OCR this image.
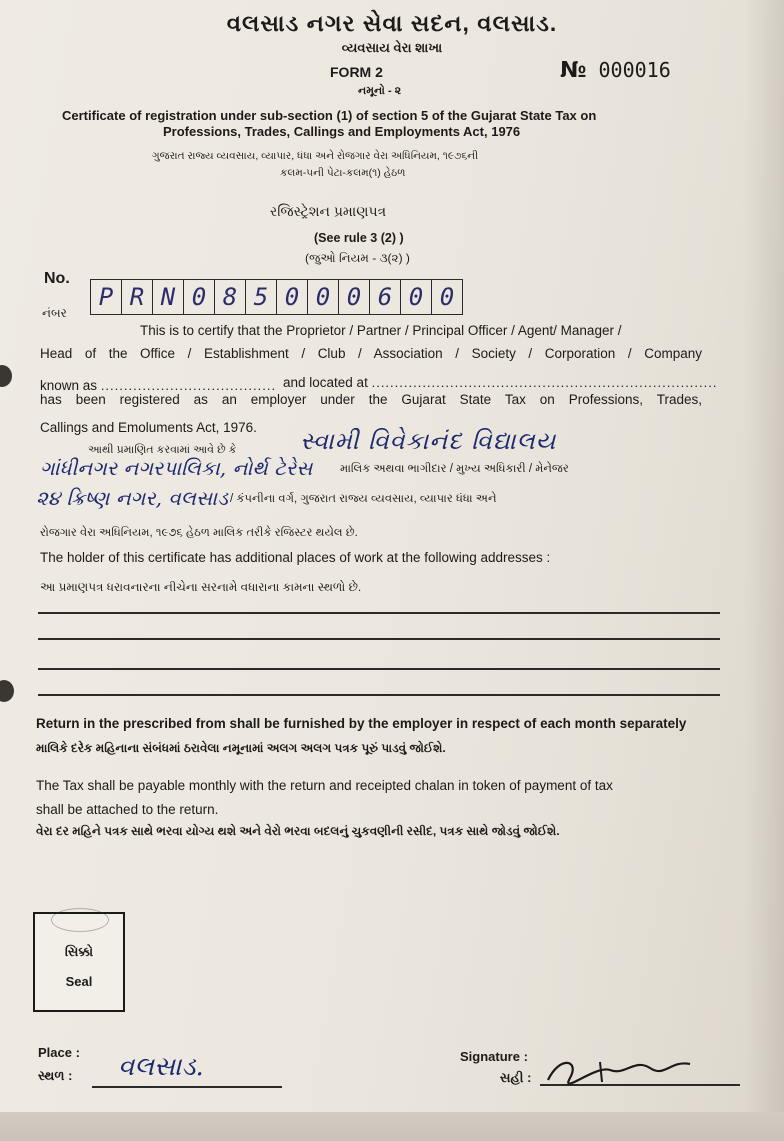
વલસાડ નગર સેવા સદન, વલસાડ.
વ્યવસાય વેરા શાખા
FORM 2
નમૂનો - ૨
№ 000016
Certificate of registration under sub-section (1) of section 5 of the Gujarat State Tax on
Professions, Trades, Callings and Employments Act, 1976
ગુજરાત રાજ્ય વ્યવસાય, વ્યાપાર, ધંધા અને રોજગાર વેરા અધિનિયમ, ૧૯૭૬ની
કલમ-૫ની પેટા-કલમ(૧) હેઠળ
રજિસ્ટ્રેશન પ્રમાણપત્ર
(See rule 3 (2) )
(જુઓ નિયમ - ૩(૨) )
No.
નંબર
P R N 0 8 5 0 0 0 6 0 0
This is to certify that the Proprietor / Partner / Principal Officer / Agent/ Manager /
Head of the Office / Establishment / Club / Association / Society / Corporation / Company
known as ...................................... and located at ...........................................................................
has been registered as an employer under the Gujarat State Tax on Professions, Trades,
Callings and Emoluments Act, 1976.
આથી પ્રમાણિત કરવામાં આવે છે કે	સ્વામી વિવેકાનંદ વિદ્યાલય
ગાંધીનગર નગરપાલિકા, નોર્થ ટેરેસ માલિક અથવા ભાગીદાર / મુખ્ય અધિકારી / મેનેજર
૨૪ ક્રિષ્ણ નગર, વલસાડ / કંપનીના વર્ગ, ગુજરાત રાજ્ય વ્યવસાય, વ્યાપાર ધંધા અને
રોજગાર વેરા અધિનિયમ, ૧૯૭૬ હેઠળ માલિક તરીકે રજિસ્ટર થયેલ છે.
The holder of this certificate has additional places of work at the following addresses :
આ પ્રમાણપત્ર ધરાવનારના નીચેના સરનામે વધારાના કામના સ્થળો છે.
Return in the prescribed from shall be furnished by the employer in respect of each month separately
માલિકે દરેક મહિનાના સંબંધમાં ઠરાવેલા નમૂનામાં અલગ અલગ પત્રક પૂરું પાડવું જોઈશે.
The Tax shall be payable monthly with the return and receipted chalan in token of payment of tax
shall be attached to the return.
વેરા દર મહિને પત્રક સાથે ભરવા યોગ્ય થશે અને વેરો ભરવા બદલનું ચુકવણીની રસીદ, પત્રક સાથે જોડવું જોઈશે.
સિક્કો
Seal
Place :
સ્થળ : વલસાડ.	Signature :
સહી :
